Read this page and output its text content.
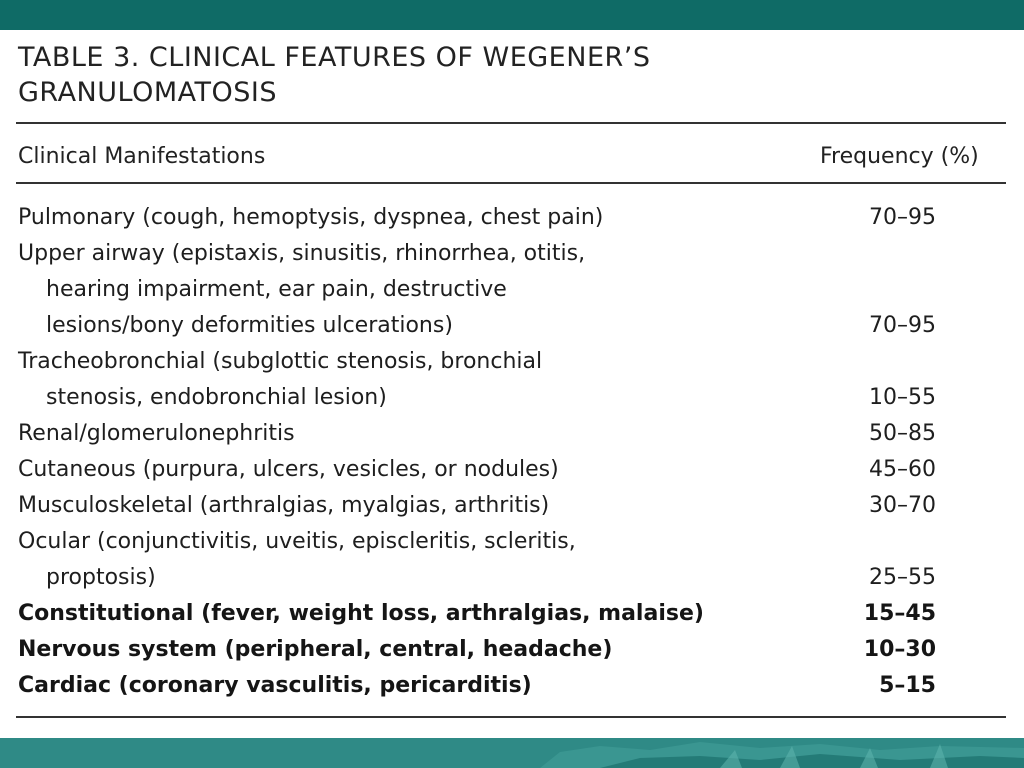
TABLE 3. CLINICAL FEATURES OF WEGENER’S
GRANULOMATOSIS
Clinical Manifestations	Frequency (%)
Pulmonary (cough, hemoptysis, dyspnea, chest pain)	70–95
Upper airway (epistaxis, sinusitis, rhinorrhea, otitis,
hearing impairment, ear pain, destructive
lesions/bony deformities ulcerations)	70–95
Tracheobronchial (subglottic stenosis, bronchial
stenosis, endobronchial lesion)	10–55
Renal/glomerulonephritis	50–85
Cutaneous (purpura, ulcers, vesicles, or nodules)	45–60
Musculoskeletal (arthralgias, myalgias, arthritis)	30–70
Ocular (conjunctivitis, uveitis, episcleritis, scleritis,
proptosis)	25–55
Constitutional (fever, weight loss, arthralgias, malaise)	15–45
Nervous system (peripheral, central, headache)	10–30
Cardiac (coronary vasculitis, pericarditis)	5–15
